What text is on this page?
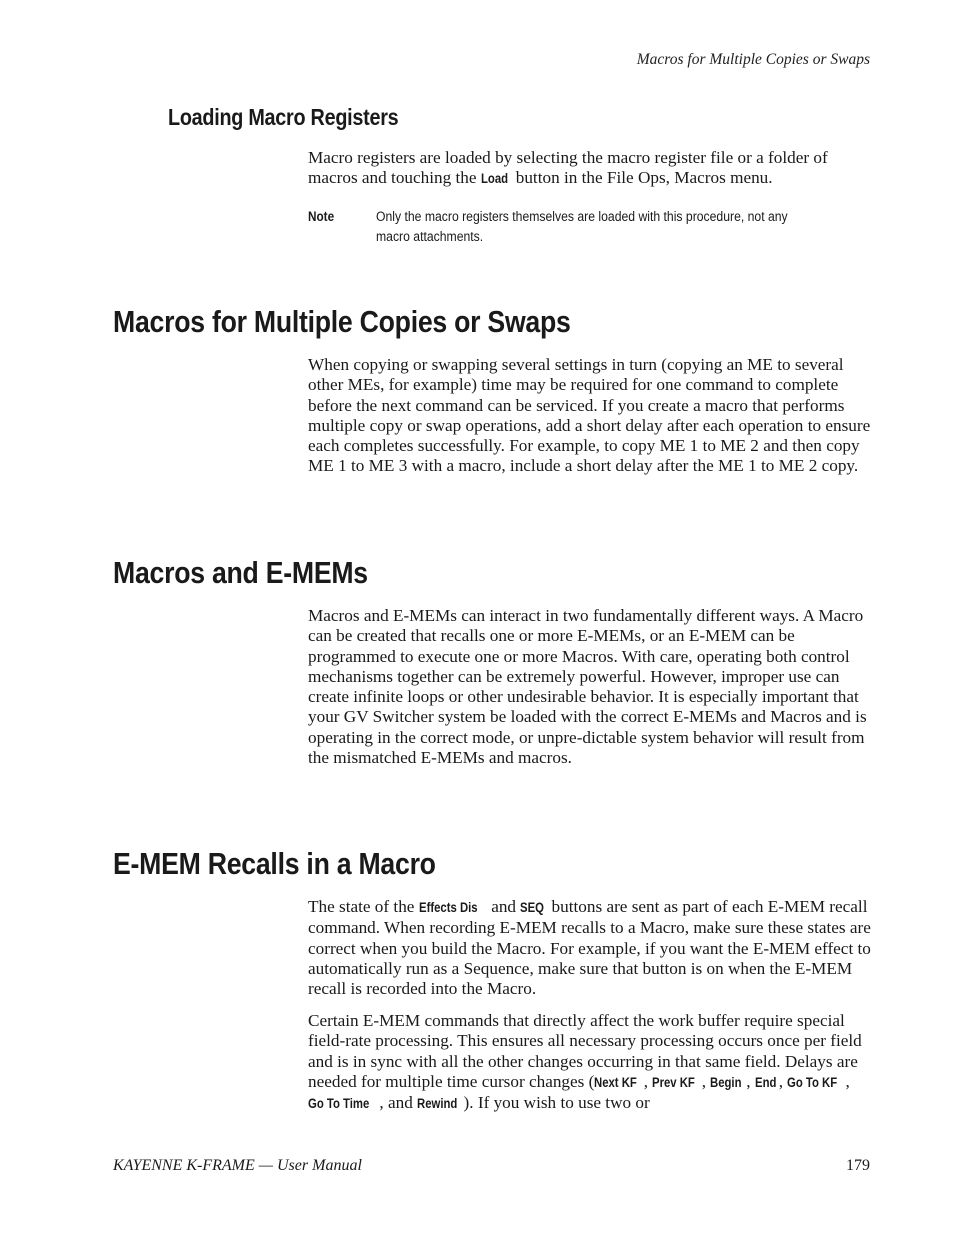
Macros for Multiple Copies or Swaps
Loading Macro Registers

Macro registers are loaded by selecting the macro register file or a folder of macros and touching the Load button in the File Ops, Macros menu.

Note	Only the macro registers themselves are loaded with this procedure, not any
macro attachments.
Macros for Multiple Copies or Swaps

When copying or swapping several settings in turn (copying an ME to several other MEs, for example) time may be required for one command to complete before the next command can be serviced. If you create a macro that performs multiple copy or swap operations, add a short delay after each operation to ensure each completes successfully. For example, to copy ME 1 to ME 2 and then copy ME 1 to ME 3 with a macro, include a short delay after the ME 1 to ME 2 copy.

Macros and E-MEMs

Macros and E-MEMs can interact in two fundamentally different ways. A Macro can be created that recalls one or more E-MEMs, or an E-MEM can be programmed to execute one or more Macros. With care, operating both control mechanisms together can be extremely powerful. However, improper use can create infinite loops or other undesirable behavior. It is especially important that your GV Switcher system be loaded with the correct E-MEMs and Macros and is operating in the correct mode, or unpre-dictable system behavior will result from the mismatched E-MEMs and macros.

E-MEM Recalls in a Macro

The state of the Effects Dis and SEQ buttons are sent as part of each E-MEM recall command. When recording E-MEM recalls to a Macro, make sure these states are correct when you build the Macro. For example, if you want the E-MEM effect to automatically run as a Sequence, make sure that button is on when the E-MEM recall is recorded into the Macro.

Certain E-MEM commands that directly affect the work buffer require special field-rate processing. This ensures all necessary processing occurs once per field and is in sync with all the other changes occurring in that same field. Delays are needed for multiple time cursor changes (Next KF , Prev KF , Begin , End , Go To KF , Go To Time , and Rewind ). If you wish to use two or

KAYENNE K-FRAME — User Manual	179
